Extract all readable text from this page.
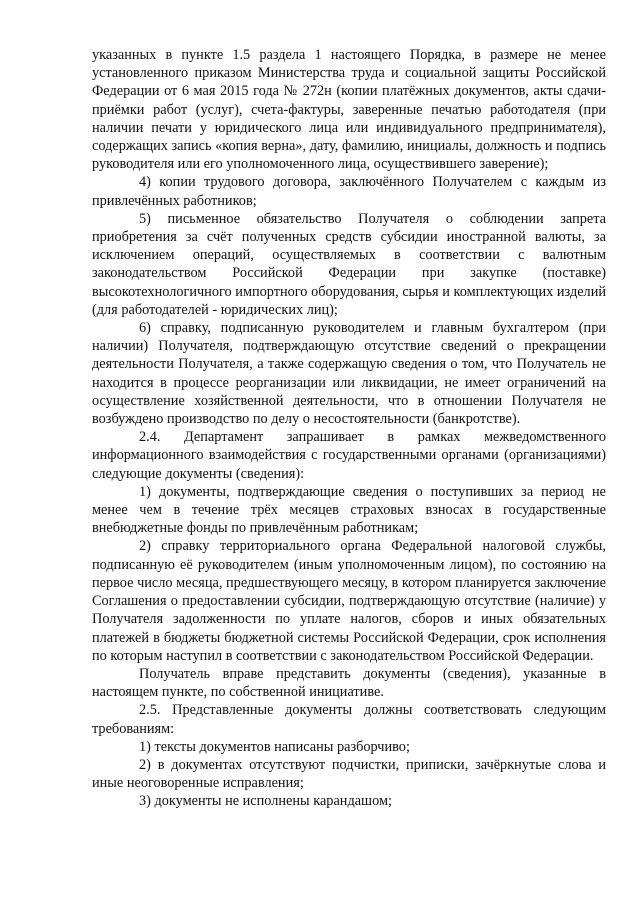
указанных в пункте 1.5 раздела 1 настоящего Порядка, в размере не менее установленного приказом Министерства труда и социальной защиты Российской Федерации от 6 мая 2015 года № 272н (копии платёжных документов, акты сдачи-приёмки работ (услуг), счета-фактуры, заверенные печатью работодателя (при наличии печати у юридического лица или индивидуального предпринимателя), содержащих запись «копия верна», дату, фамилию, инициалы, должность и подпись руководителя или его уполномоченного лица, осуществившего заверение);

4) копии трудового договора, заключённого Получателем с каждым из привлечённых работников;

5) письменное обязательство Получателя о соблюдении запрета приобретения за счёт полученных средств субсидии иностранной валюты, за исключением операций, осуществляемых в соответствии с валютным законодательством Российской Федерации при закупке (поставке) высокотехнологичного импортного оборудования, сырья и комплектующих изделий (для работодателей - юридических лиц);

6) справку, подписанную руководителем и главным бухгалтером (при наличии) Получателя, подтверждающую отсутствие сведений о прекращении деятельности Получателя, а также содержащую сведения о том, что Получатель не находится в процессе реорганизации или ликвидации, не имеет ограничений на осуществление хозяйственной деятельности, что в отношении Получателя не возбуждено производство по делу о несостоятельности (банкротстве).

2.4. Департамент запрашивает в рамках межведомственного информационного взаимодействия с государственными органами (организациями) следующие документы (сведения):

1) документы, подтверждающие сведения о поступивших за период не менее чем в течение трёх месяцев страховых взносах в государственные внебюджетные фонды по привлечённым работникам;

2) справку территориального органа Федеральной налоговой службы, подписанную её руководителем (иным уполномоченным лицом), по состоянию на первое число месяца, предшествующего месяцу, в котором планируется заключение Соглашения о предоставлении субсидии, подтверждающую отсутствие (наличие) у Получателя задолженности по уплате налогов, сборов и иных обязательных платежей в бюджеты бюджетной системы Российской Федерации, срок исполнения по которым наступил в соответствии с законодательством Российской Федерации.

Получатель вправе представить документы (сведения), указанные в настоящем пункте, по собственной инициативе.

2.5. Представленные документы должны соответствовать следующим требованиям:

1) тексты документов написаны разборчиво;

2) в документах отсутствуют подчистки, приписки, зачёркнутые слова и иные неоговоренные исправления;

3) документы не исполнены карандашом;
